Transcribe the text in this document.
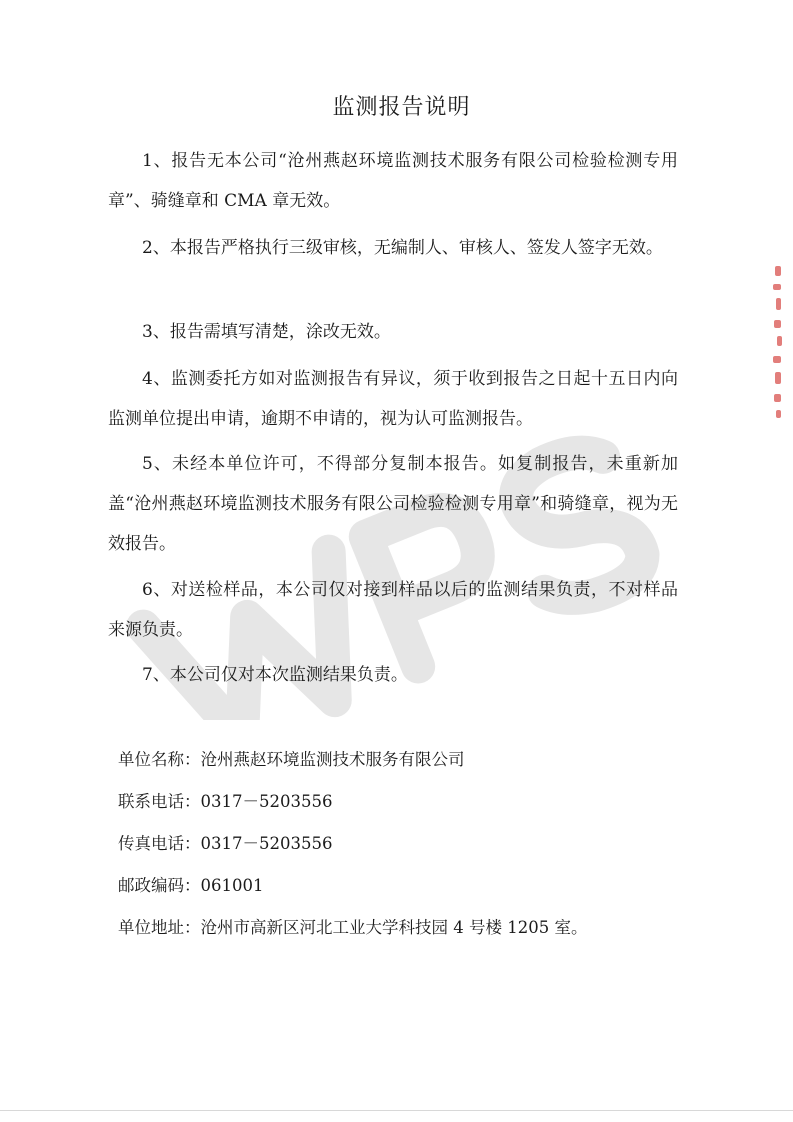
监测报告说明

1、报告无本公司“沧州燕赵环境监测技术服务有限公司检验检测专用章”、骑缝章和 CMA 章无效。

2、本报告严格执行三级审核，无编制人、审核人、签发人签字无效。

3、报告需填写清楚，涂改无效。

4、监测委托方如对监测报告有异议，须于收到报告之日起十五日内向监测单位提出申请，逾期不申请的，视为认可监测报告。

5、未经本单位许可，不得部分复制本报告。如复制报告，未重新加盖“沧州燕赵环境监测技术服务有限公司检验检测专用章”和骑缝章，视为无效报告。

6、对送检样品，本公司仅对接到样品以后的监测结果负责，不对样品来源负责。

7、本公司仅对本次监测结果负责。

单位名称：沧州燕赵环境监测技术服务有限公司
联系电话：0317－5203556
传真电话：0317－5203556
邮政编码：061001
单位地址：沧州市高新区河北工业大学科技园 4 号楼 1205 室。
